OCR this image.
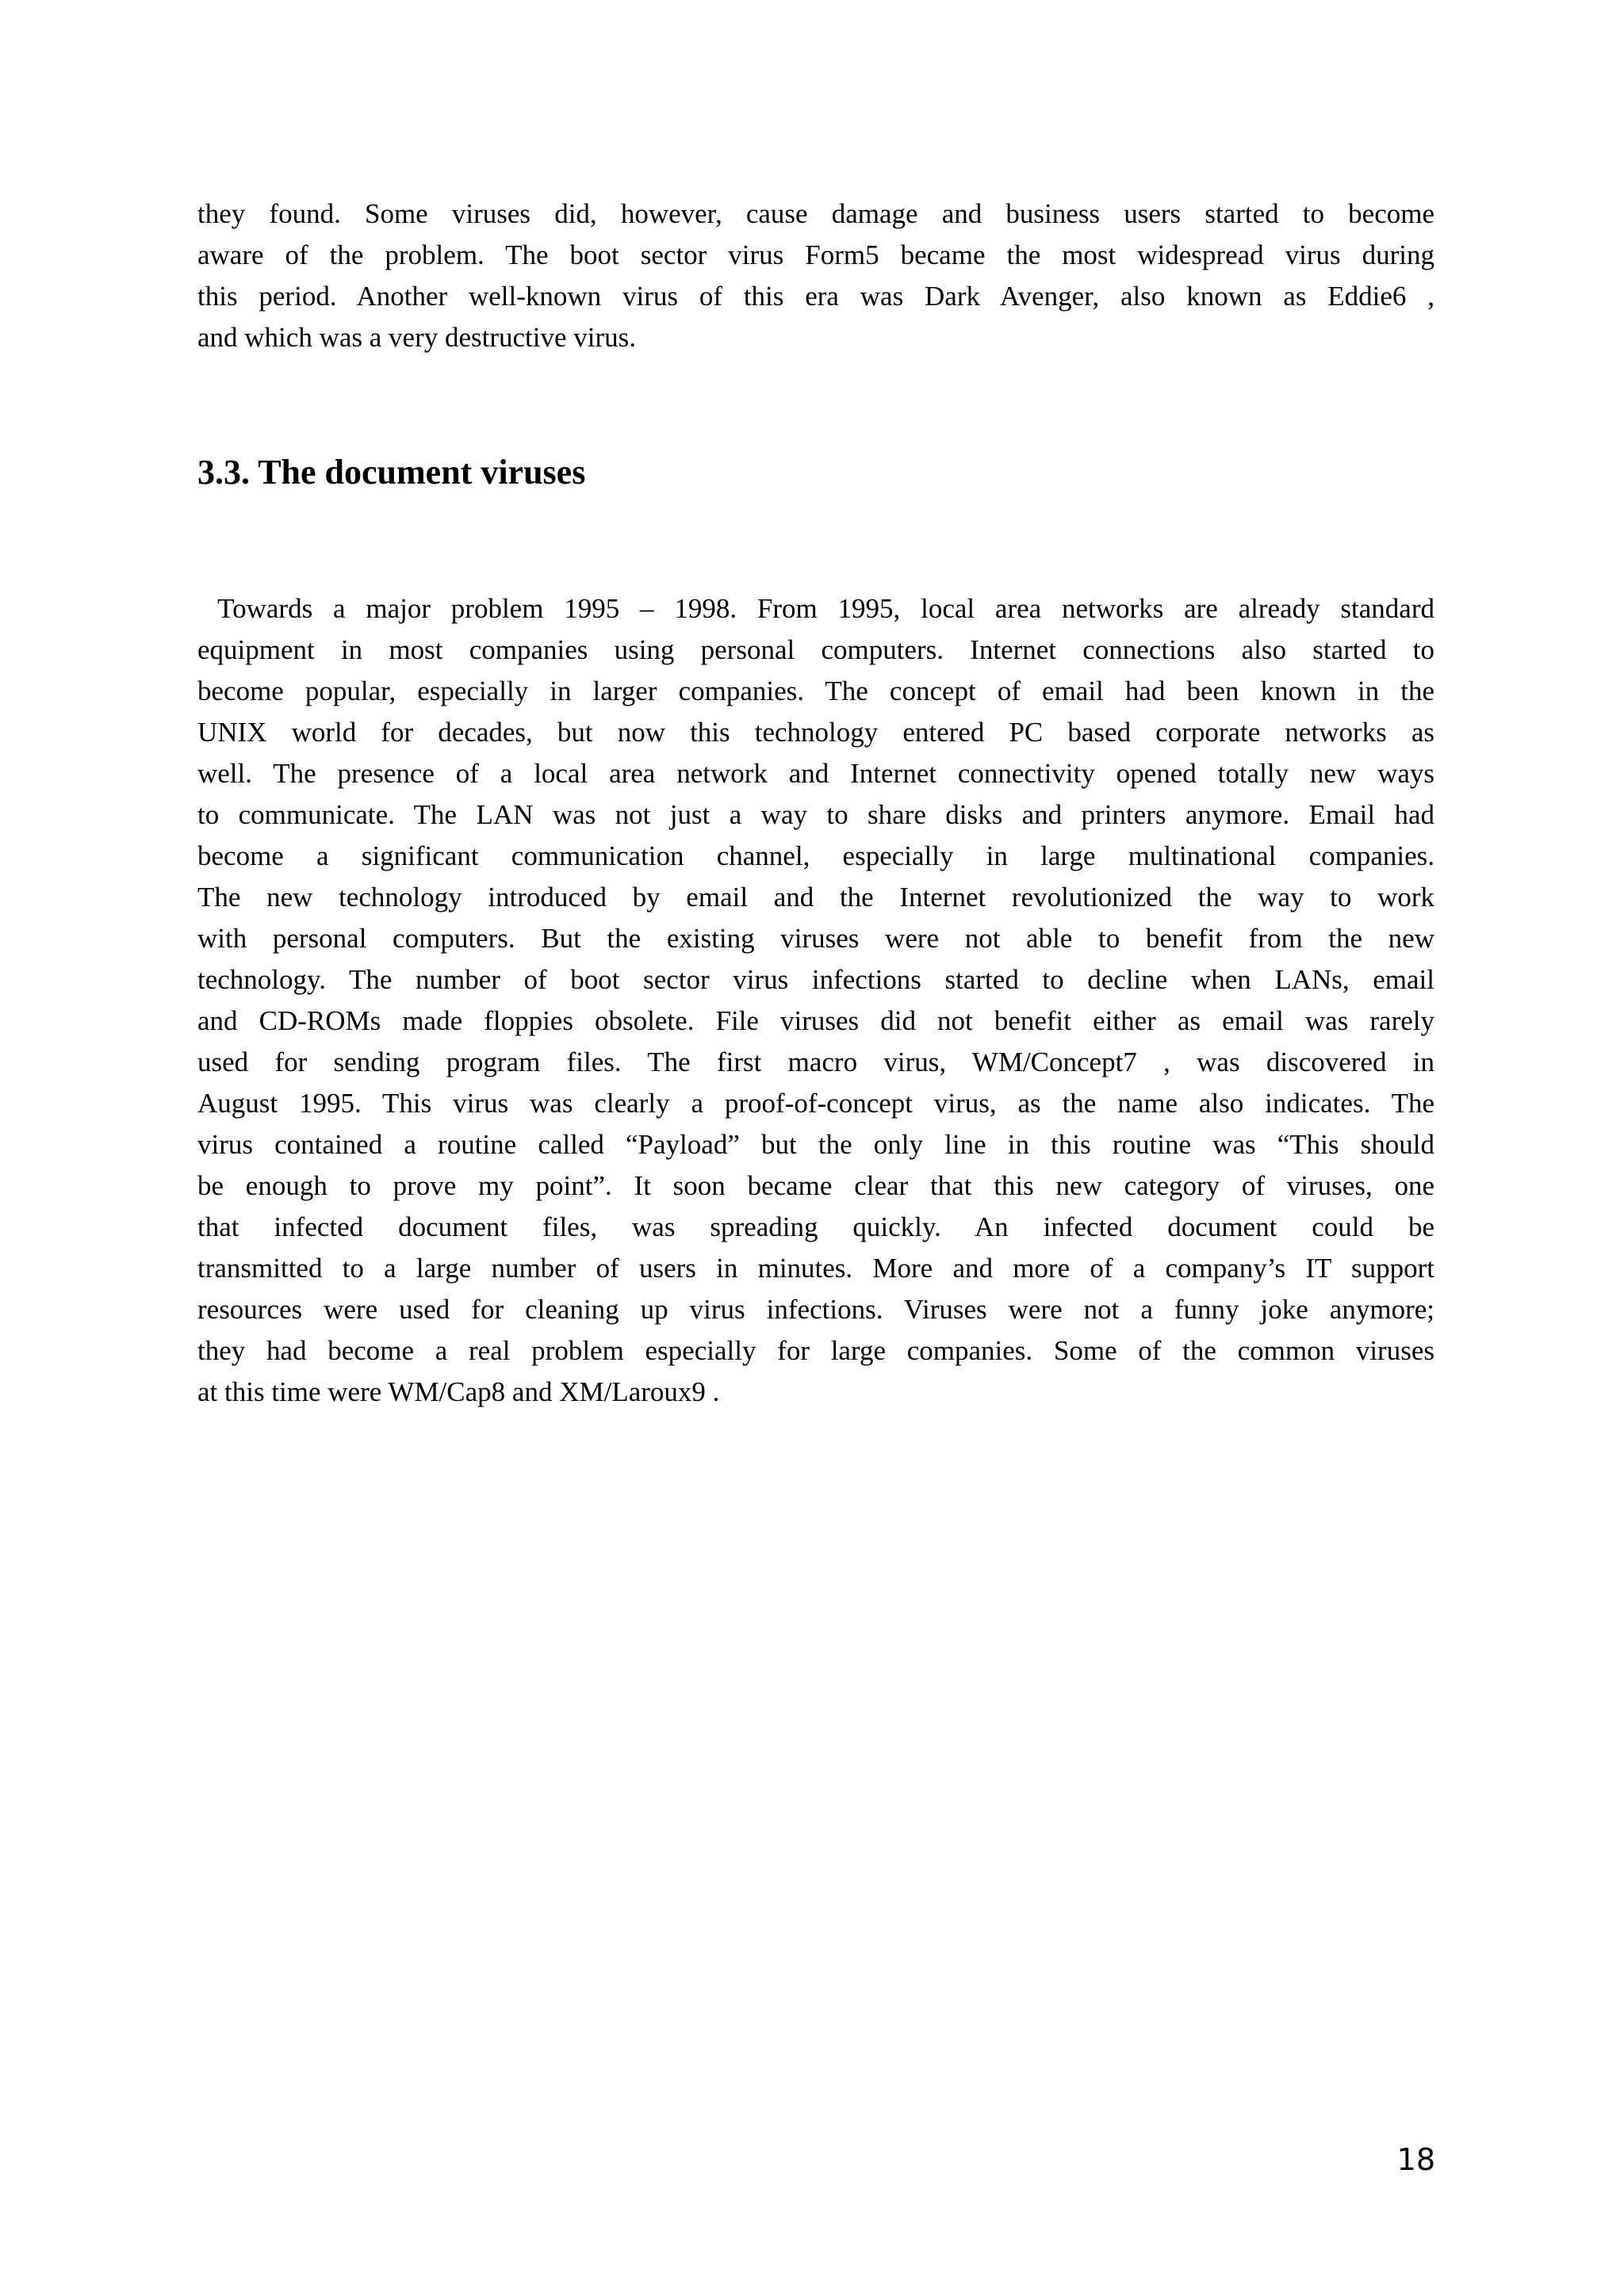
they found. Some viruses did, however, cause damage and business users started to become
aware of the problem. The boot sector virus Form5 became the most widespread virus during
this period. Another well-known virus of this era was Dark Avenger, also known as Eddie6 ,
and which was a very destructive virus.
3.3. The document viruses
Towards a major problem 1995 – 1998. From 1995, local area networks are already standard
equipment in most companies using personal computers. Internet connections also started to
become popular, especially in larger companies. The concept of email had been known in the
UNIX world for decades, but now this technology entered PC based corporate networks as
well. The presence of a local area network and Internet connectivity opened totally new ways
to communicate. The LAN was not just a way to share disks and printers anymore. Email had
become a significant communication channel, especially in large multinational companies.
The new technology introduced by email and the Internet revolutionized the way to work
with personal computers. But the existing viruses were not able to benefit from the new
technology. The number of boot sector virus infections started to decline when LANs, email
and CD-ROMs made floppies obsolete. File viruses did not benefit either as email was rarely
used for sending program files. The first macro virus, WM/Concept7 , was discovered in
August 1995. This virus was clearly a proof-of-concept virus, as the name also indicates. The
virus contained a routine called “Payload” but the only line in this routine was “This should
be enough to prove my point”. It soon became clear that this new category of viruses, one
that infected document files, was spreading quickly. An infected document could be
transmitted to a large number of users in minutes. More and more of a company’s IT support
resources were used for cleaning up virus infections. Viruses were not a funny joke anymore;
they had become a real problem especially for large companies. Some of the common viruses
at this time were WM/Cap8 and XM/Laroux9 .
18
